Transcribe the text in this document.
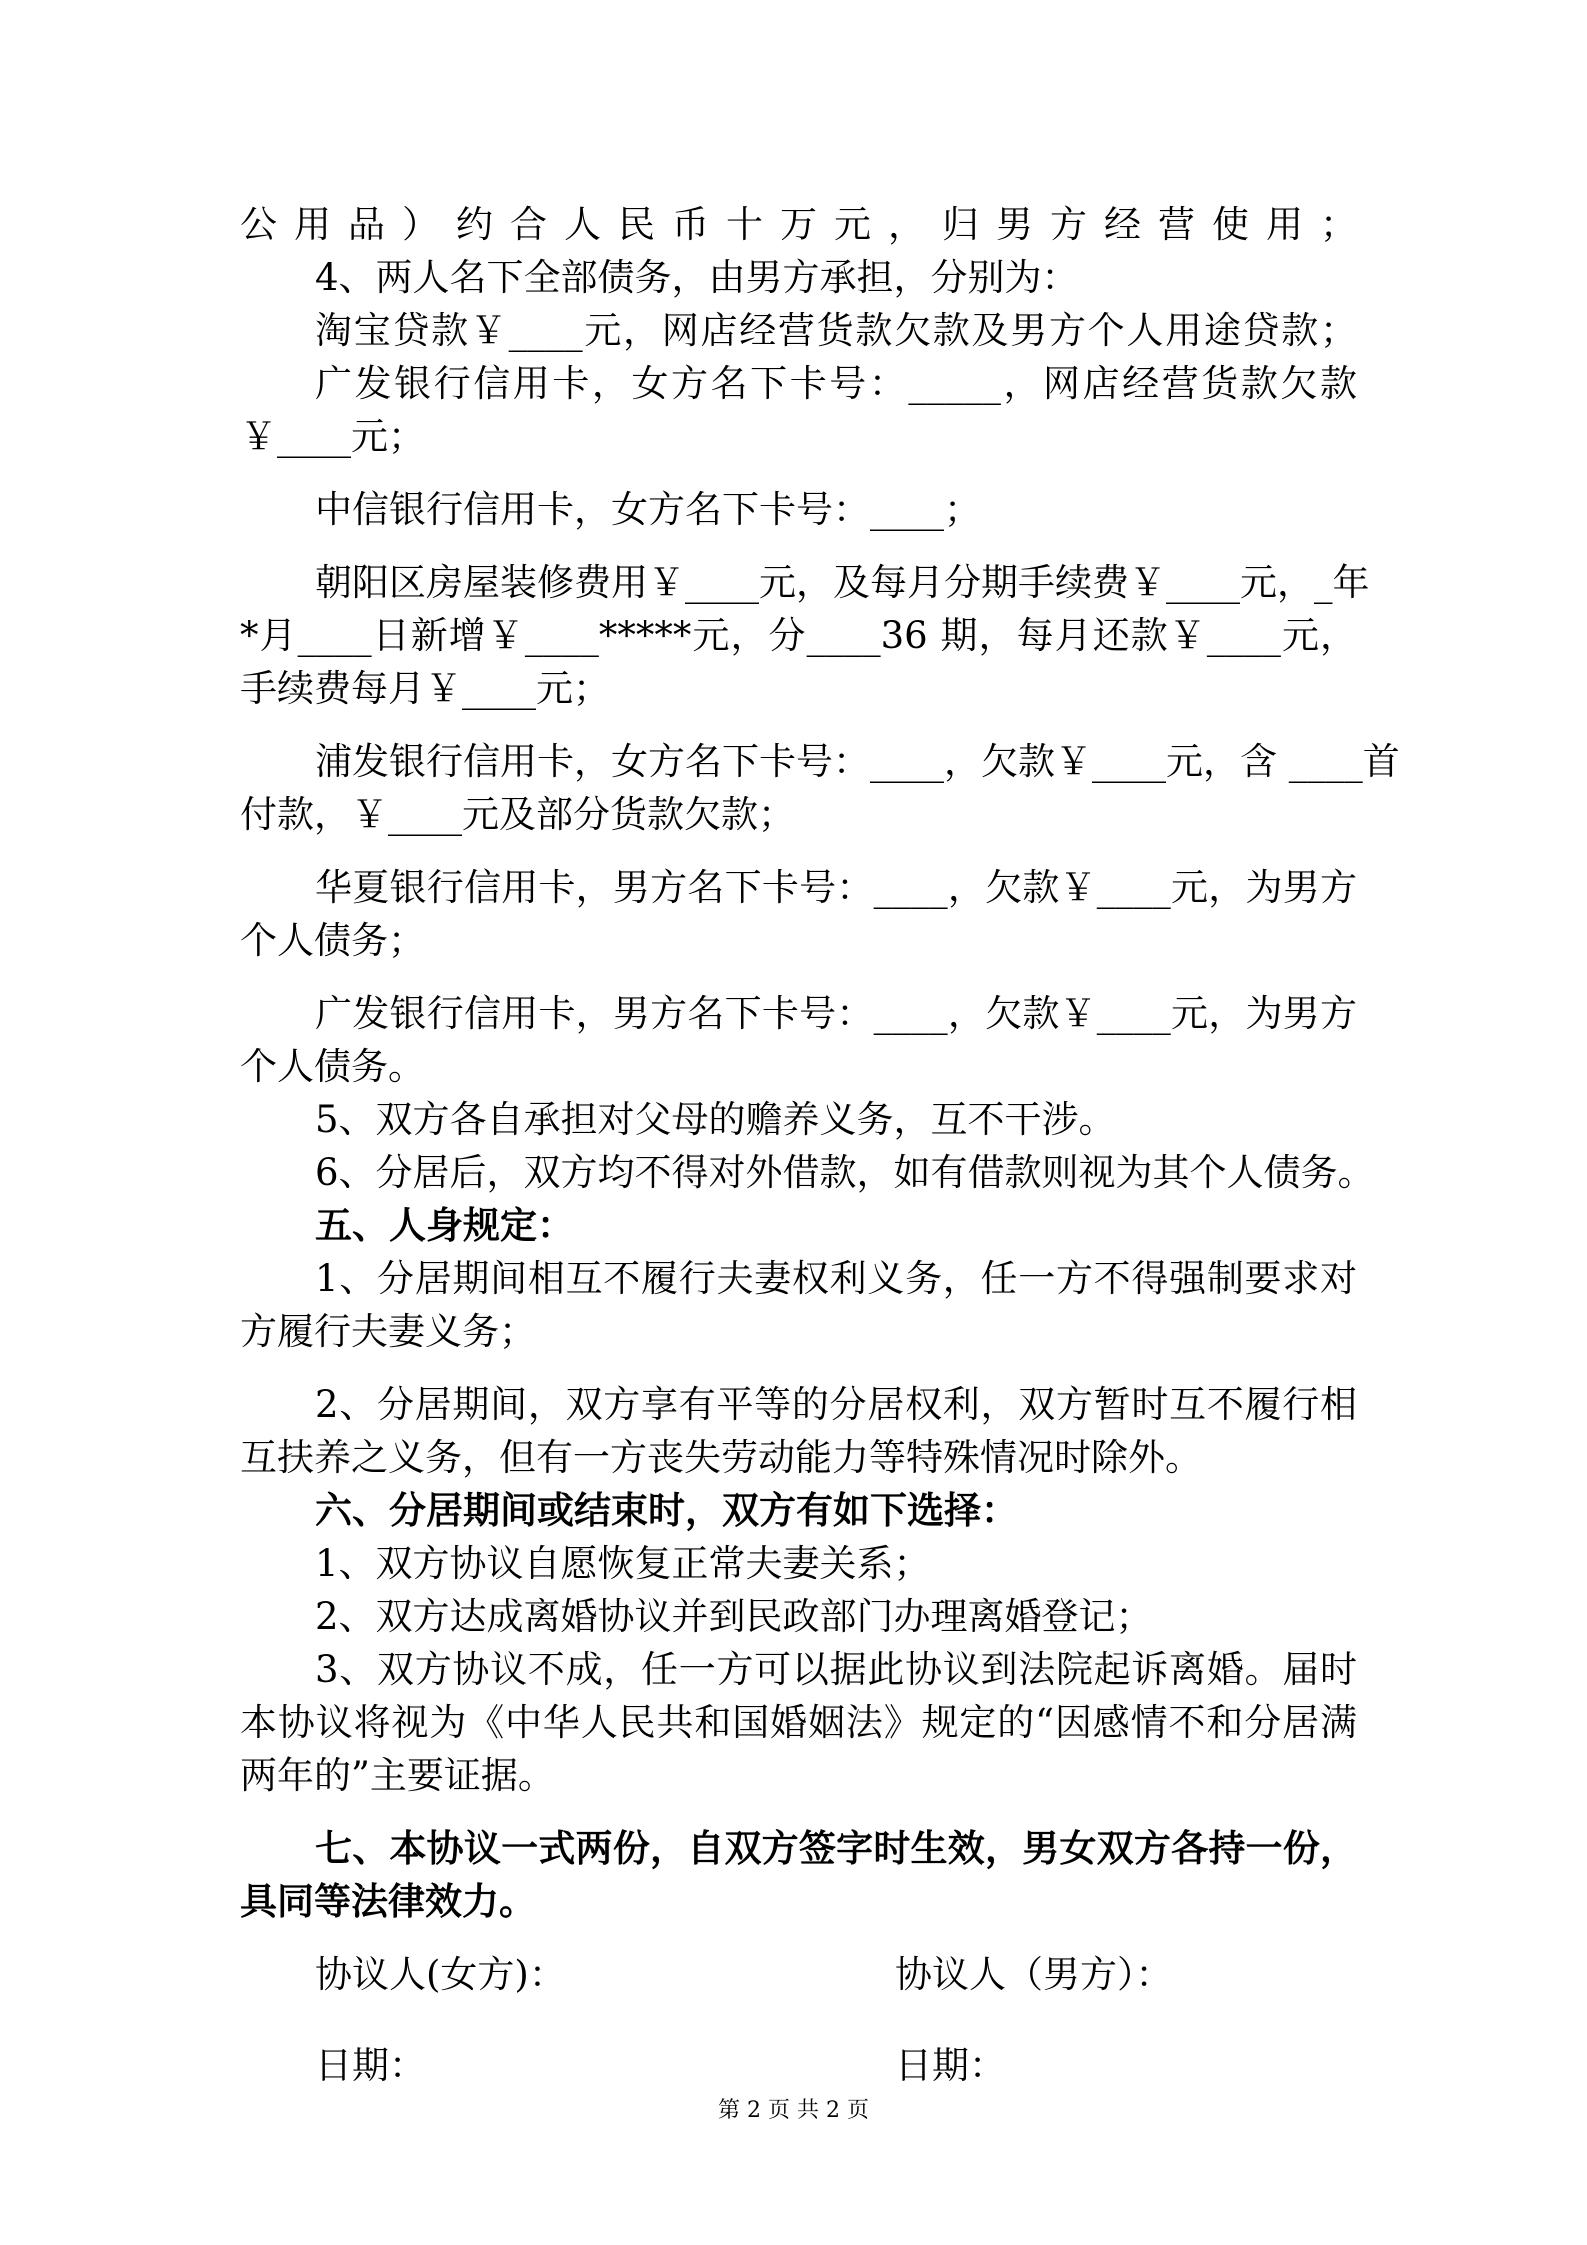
公用品）约合人民币十万元，归男方经营使用；
4、两人名下全部债务，由男方承担，分别为：
淘宝贷款￥____元，网店经营货款欠款及男方个人用途贷款；
广发银行信用卡，女方名下卡号：_____，网店经营货款欠款
￥____元；
中信银行信用卡，女方名下卡号：____；
朝阳区房屋装修费用￥____元，及每月分期手续费￥____元，_年
*月____日新增￥____*****元，分____36 期，每月还款￥____元，
手续费每月￥____元；
浦发银行信用卡，女方名下卡号：____，欠款￥____元，含 ____首
付款，￥____元及部分货款欠款；
华夏银行信用卡，男方名下卡号：____，欠款￥____元，为男方
个人债务；
广发银行信用卡，男方名下卡号：____，欠款￥____元，为男方
个人债务。
5、双方各自承担对父母的赡养义务，互不干涉。
6、分居后，双方均不得对外借款，如有借款则视为其个人债务。
五、人身规定：
1、分居期间相互不履行夫妻权利义务，任一方不得强制要求对
方履行夫妻义务；
2、分居期间，双方享有平等的分居权利，双方暂时互不履行相
互扶养之义务，但有一方丧失劳动能力等特殊情况时除外。
六、分居期间或结束时，双方有如下选择：
1、双方协议自愿恢复正常夫妻关系；
2、双方达成离婚协议并到民政部门办理离婚登记；
3、双方协议不成，任一方可以据此协议到法院起诉离婚。届时
本协议将视为《中华人民共和国婚姻法》规定的“因感情不和分居满
两年的”主要证据。
七、本协议一式两份，自双方签字时生效，男女双方各持一份，
具同等法律效力。
协议人(女方)：	协议人（男方）：
日期：	日期：
第 2 页 共 2 页
